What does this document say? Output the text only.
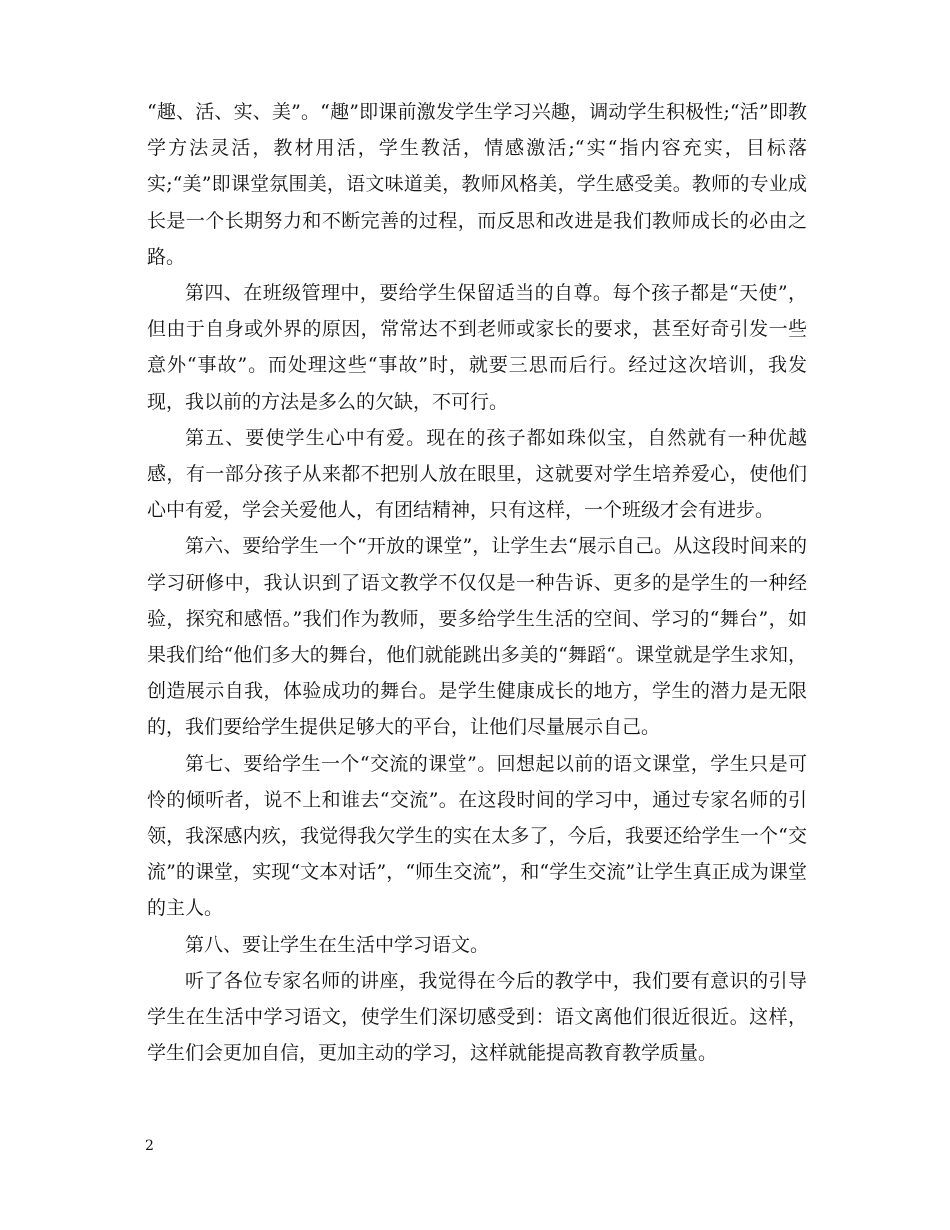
“趣、活、实、美”。“趣”即课前激发学生学习兴趣，调动学生积极性;“活”即教学方法灵活，教材用活，学生教活，情感激活;“实“指内容充实，目标落实;“美”即课堂氛围美，语文味道美，教师风格美，学生感受美。教师的专业成长是一个长期努力和不断完善的过程，而反思和改进是我们教师成长的必由之路。

第四、在班级管理中，要给学生保留适当的自尊。每个孩子都是“天使”，但由于自身或外界的原因，常常达不到老师或家长的要求，甚至好奇引发一些意外“事故”。而处理这些“事故”时，就要三思而后行。经过这次培训，我发现，我以前的方法是多么的欠缺，不可行。

第五、要使学生心中有爱。现在的孩子都如珠似宝，自然就有一种优越感，有一部分孩子从来都不把别人放在眼里，这就要对学生培养爱心，使他们心中有爱，学会关爱他人，有团结精神，只有这样，一个班级才会有进步。

第六、要给学生一个“开放的课堂”，让学生去“展示自己。从这段时间来的学习研修中，我认识到了语文教学不仅仅是一种告诉、更多的是学生的一种经验，探究和感悟。”我们作为教师，要多给学生生活的空间、学习的“舞台”，如果我们给“他们多大的舞台，他们就能跳出多美的“舞蹈“。课堂就是学生求知，创造展示自我，体验成功的舞台。是学生健康成长的地方，学生的潜力是无限的，我们要给学生提供足够大的平台，让他们尽量展示自己。

第七、要给学生一个“交流的课堂”。回想起以前的语文课堂，学生只是可怜的倾听者，说不上和谁去“交流”。在这段时间的学习中，通过专家名师的引领，我深感内疚，我觉得我欠学生的实在太多了，今后，我要还给学生一个“交流”的课堂，实现“文本对话”，“师生交流”，和“学生交流”让学生真正成为课堂的主人。

第八、要让学生在生活中学习语文。

听了各位专家名师的讲座，我觉得在今后的教学中，我们要有意识的引导学生在生活中学习语文，使学生们深切感受到：语文离他们很近很近。这样，学生们会更加自信，更加主动的学习，这样就能提高教育教学质量。

2
